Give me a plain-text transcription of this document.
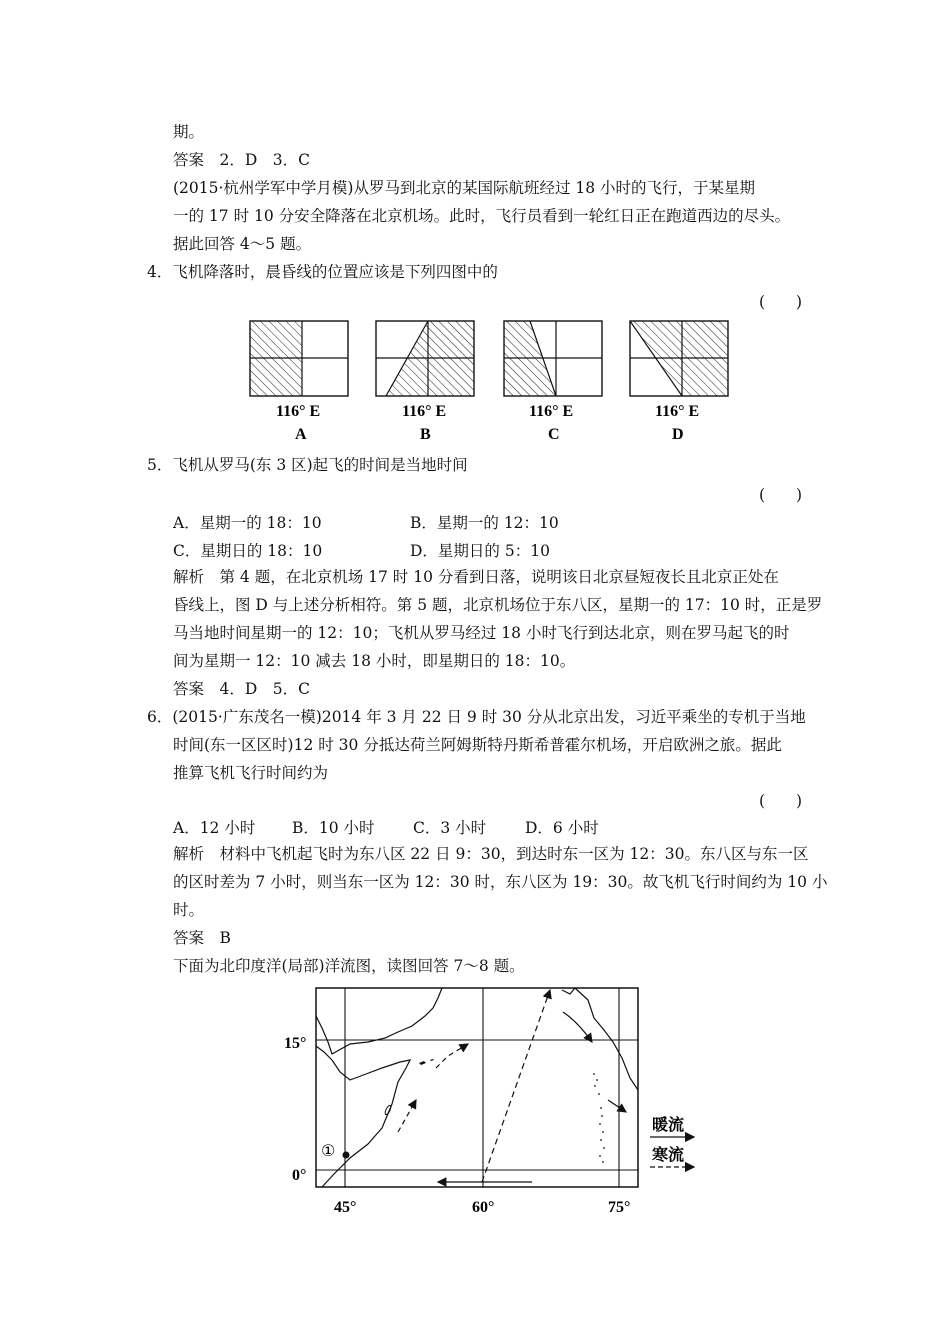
期。
答案　2．D　3．C
(2015·杭州学军中学月模)从罗马到北京的某国际航班经过 18 小时的飞行，于某星期
一的 17 时 10 分安全降落在北京机场。此时，飞行员看到一轮红日正在跑道西边的尽头。
据此回答 4～5 题。
4．飞机降落时，晨昏线的位置应该是下列四图中的
(　　)
116° E	116° E	116° E	116° E
A	B	C	D
5．飞机从罗马(东 3 区)起飞的时间是当地时间
(　　)
A．星期一的 18：10	B．星期一的 12：10
C．星期日的 18：10	D．星期日的 5：10
解析　第 4 题，在北京机场 17 时 10 分看到日落，说明该日北京昼短夜长且北京正处在
昏线上，图 D 与上述分析相符。第 5 题，北京机场位于东八区，星期一的 17：10 时，正是罗
马当地时间星期一的 12：10；飞机从罗马经过 18 小时飞行到达北京，则在罗马起飞的时
间为星期一 12：10 减去 18 小时，即星期日的 18：10。
答案　4．D　5．C
6．(2015·广东茂名一模)2014 年 3 月 22 日 9 时 30 分从北京出发，习近平乘坐的专机于当地
时间(东一区区时)12 时 30 分抵达荷兰阿姆斯特丹斯希普霍尔机场，开启欧洲之旅。据此
推算飞机飞行时间约为
(　　)
A．12 小时 B．10 小时 C．3 小时	D．6 小时
解析　材料中飞机起飞时为东八区 22 日 9：30，到达时东一区为 12：30。东八区与东一区
的区时差为 7 小时，则当东一区为 12：30 时，东八区为 19：30。故飞机飞行时间约为 10 小
时。
答案　B
下面为北印度洋(局部)洋流图，读图回答 7～8 题。
①
15°
0°
45°	60°	75°
暖流
寒流
